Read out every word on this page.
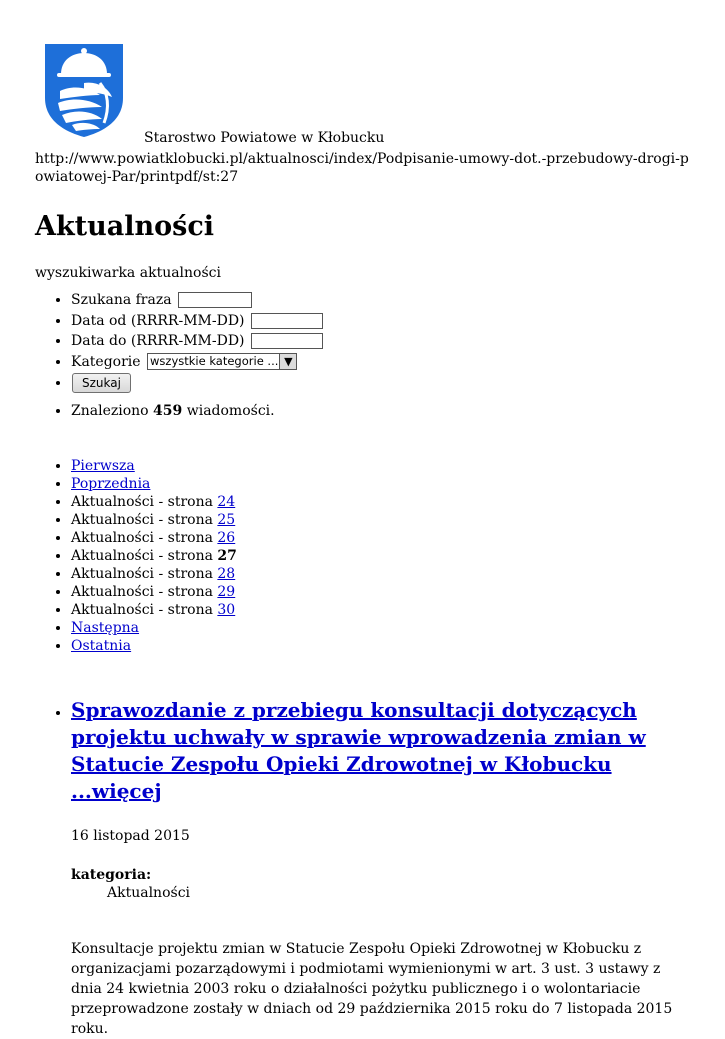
Starostwo Powiatowe w Kłobucku

http://www.powiatklobucki.pl/aktualnosci/index/Podpisanie-umowy-dot.-przebudowy-drogi-powiatowej-Par/printpdf/st:27

Aktualności

wyszukiwarka aktualności

• Szukana fraza
• Data od (RRRR-MM-DD)
• Data do (RRRR-MM-DD)
• Kategorie wszystkie kategorie ... ▼
• Szukaj
• Znaleziono 459 wiadomości.
• Pierwsza
• Poprzednia
• Aktualności - strona 24
• Aktualności - strona 25
• Aktualności - strona 26
• Aktualności - strona 27
• Aktualności - strona 28
• Aktualności - strona 29
• Aktualności - strona 30
• Następna
• Ostatnia
• Sprawozdanie z przebiegu konsultacji dotyczących projektu uchwały w sprawie wprowadzenia zmian w Statucie Zespołu Opieki Zdrowotnej w Kłobucku ...więcej

16 listopad 2015

kategoria:

Aktualności

Konsultacje projektu zmian w Statucie Zespołu Opieki Zdrowotnej w Kłobucku z organizacjami pozarządowymi i podmiotami wymienionymi w art. 3 ust. 3 ustawy z dnia 24 kwietnia 2003 roku o działalności pożytku publicznego i o wolontariacie przeprowadzone zostały w dniach od 29 października 2015 roku do 7 listopada 2015 roku.
